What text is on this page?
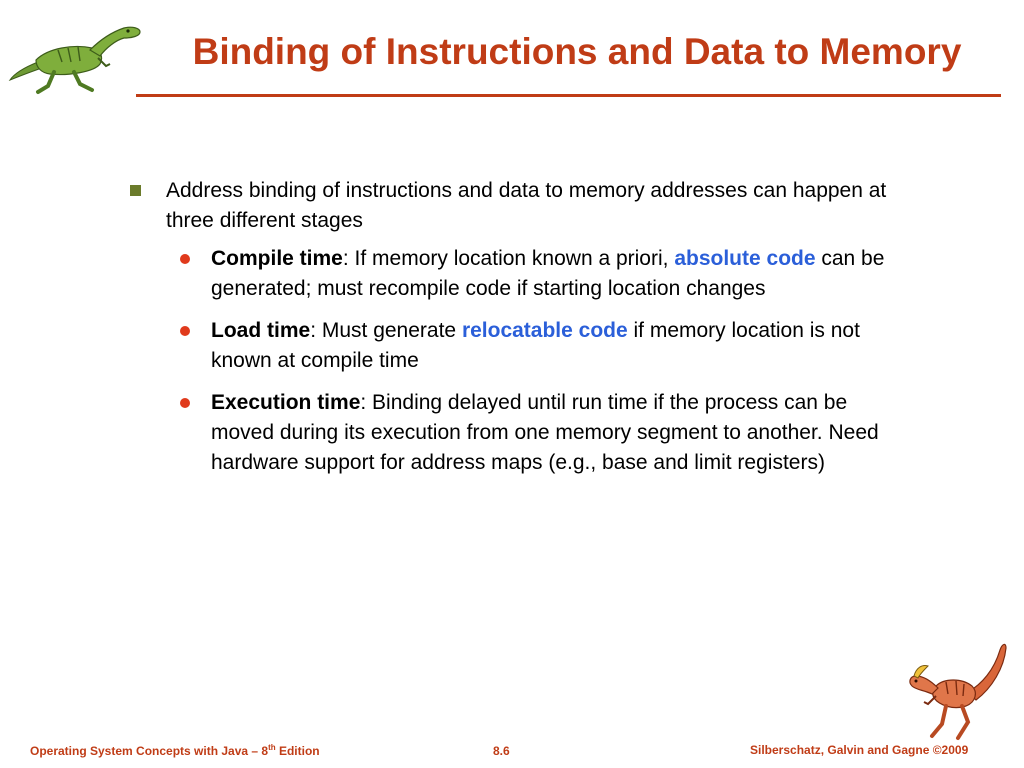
Binding of Instructions and Data to Memory
Address binding of instructions and data to memory addresses can happen at three different stages
Compile time: If memory location known a priori, absolute code can be generated; must recompile code if starting location changes
Load time: Must generate relocatable code if memory location is not known at compile time
Execution time: Binding delayed until run time if the process can be moved during its execution from one memory segment to another. Need hardware support for address maps (e.g., base and limit registers)
Operating System Concepts with Java – 8th Edition	8.6	Silberschatz, Galvin and Gagne ©2009
